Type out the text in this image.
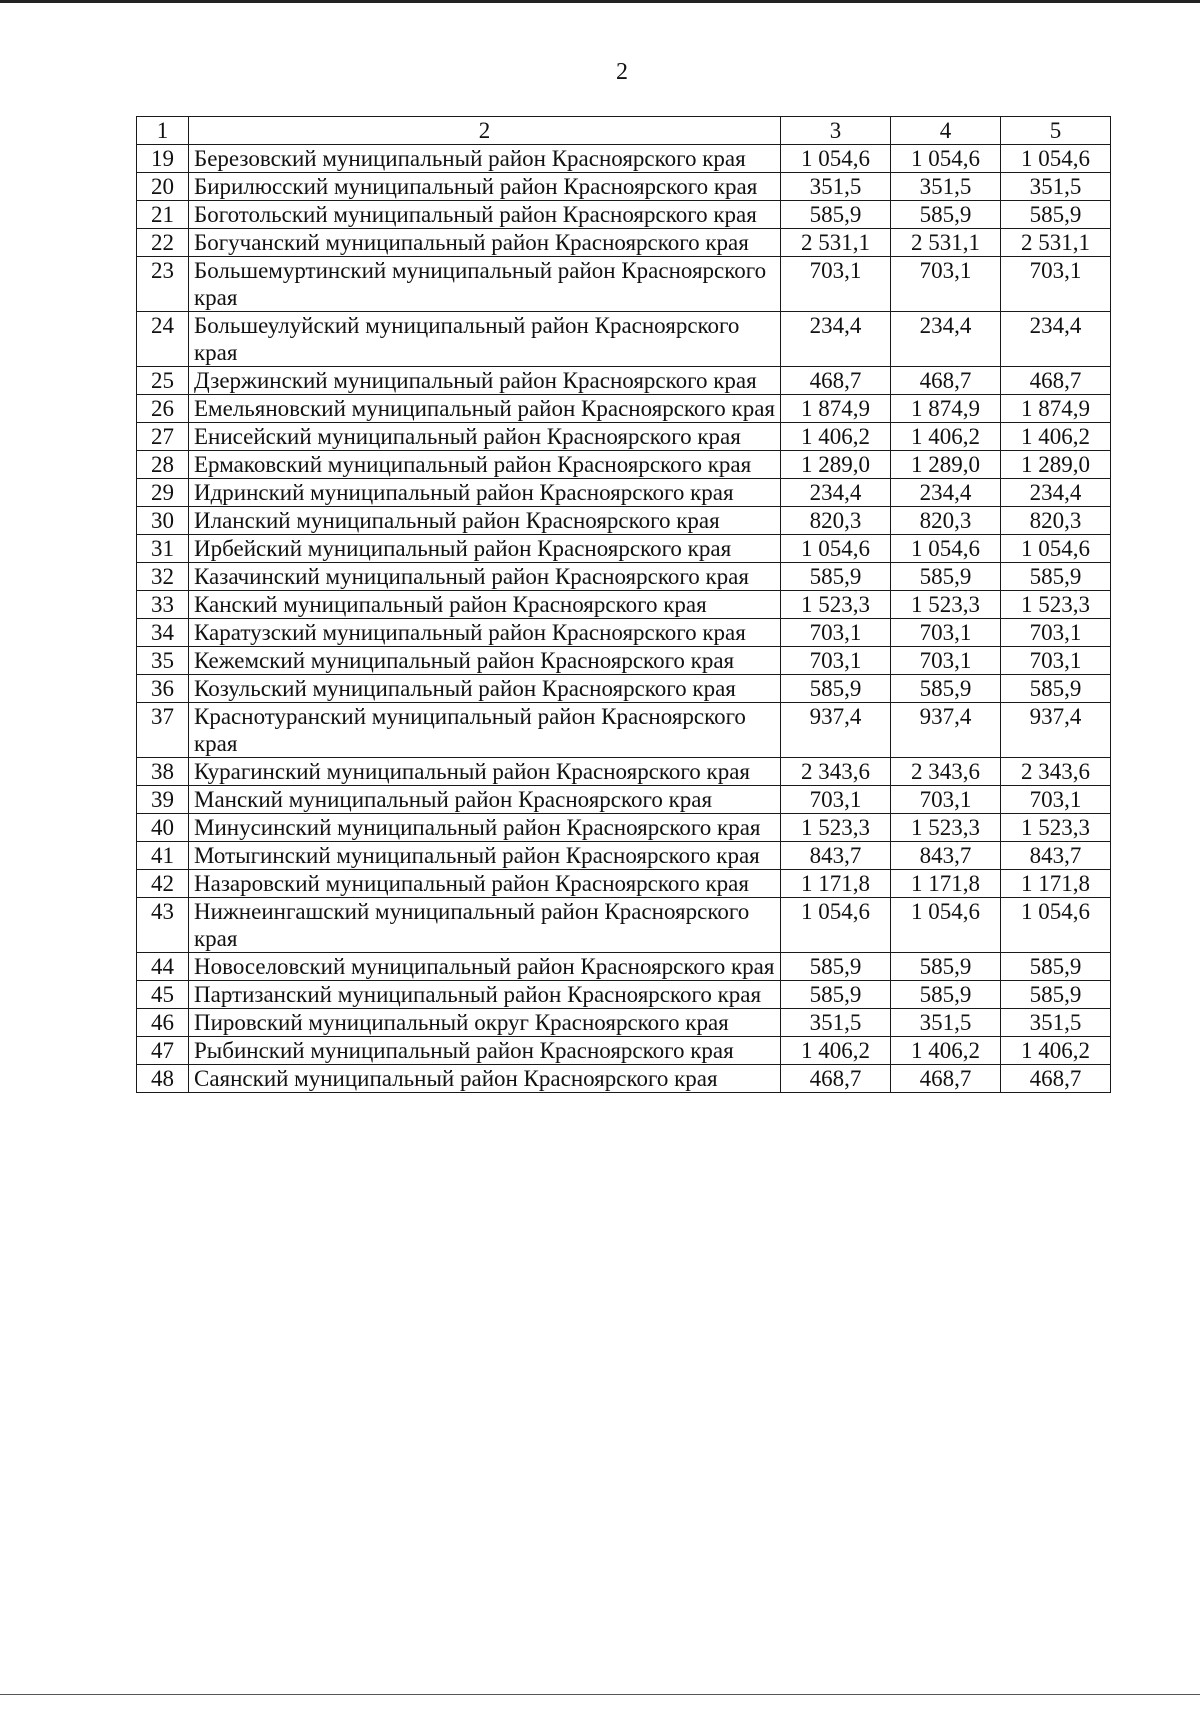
2
1	2	3	4	5
19	Березовский муниципальный район Красноярского края	1 054,6	1 054,6	1 054,6
20	Бирилюсский муниципальный район Красноярского края	351,5	351,5	351,5
21	Боготольский муниципальный район Красноярского края	585,9	585,9	585,9
22	Богучанский муниципальный район Красноярского края	2 531,1	2 531,1	2 531,1
23	Большемуртинский муниципальный район Красноярского края	703,1	703,1	703,1
24	Большеулуйский муниципальный район Красноярского края	234,4	234,4	234,4
25	Дзержинский муниципальный район Красноярского края	468,7	468,7	468,7
26	Емельяновский муниципальный район Красноярского края	1 874,9	1 874,9	1 874,9
27	Енисейский муниципальный район Красноярского края	1 406,2	1 406,2	1 406,2
28	Ермаковский муниципальный район Красноярского края	1 289,0	1 289,0	1 289,0
29	Идринский муниципальный район Красноярского края	234,4	234,4	234,4
30	Иланский муниципальный район Красноярского края	820,3	820,3	820,3
31	Ирбейский муниципальный район Красноярского края	1 054,6	1 054,6	1 054,6
32	Казачинский муниципальный район Красноярского края	585,9	585,9	585,9
33	Канский муниципальный район Красноярского края	1 523,3	1 523,3	1 523,3
34	Каратузский муниципальный район Красноярского края	703,1	703,1	703,1
35	Кежемский муниципальный район Красноярского края	703,1	703,1	703,1
36	Козульский муниципальный район Красноярского края	585,9	585,9	585,9
37	Краснотуранский муниципальный район Красноярского края	937,4	937,4	937,4
38	Курагинский муниципальный район Красноярского края	2 343,6	2 343,6	2 343,6
39	Манский муниципальный район Красноярского края	703,1	703,1	703,1
40	Минусинский муниципальный район Красноярского края	1 523,3	1 523,3	1 523,3
41	Мотыгинский муниципальный район Красноярского края	843,7	843,7	843,7
42	Назаровский муниципальный район Красноярского края	1 171,8	1 171,8	1 171,8
43	Нижнеингашский муниципальный район Красноярского края	1 054,6	1 054,6	1 054,6
44	Новоселовский муниципальный район Красноярского края	585,9	585,9	585,9
45	Партизанский муниципальный район Красноярского края	585,9	585,9	585,9
46	Пировский муниципальный округ Красноярского края	351,5	351,5	351,5
47	Рыбинский муниципальный район Красноярского края	1 406,2	1 406,2	1 406,2
48	Саянский муниципальный район Красноярского края	468,7	468,7	468,7
